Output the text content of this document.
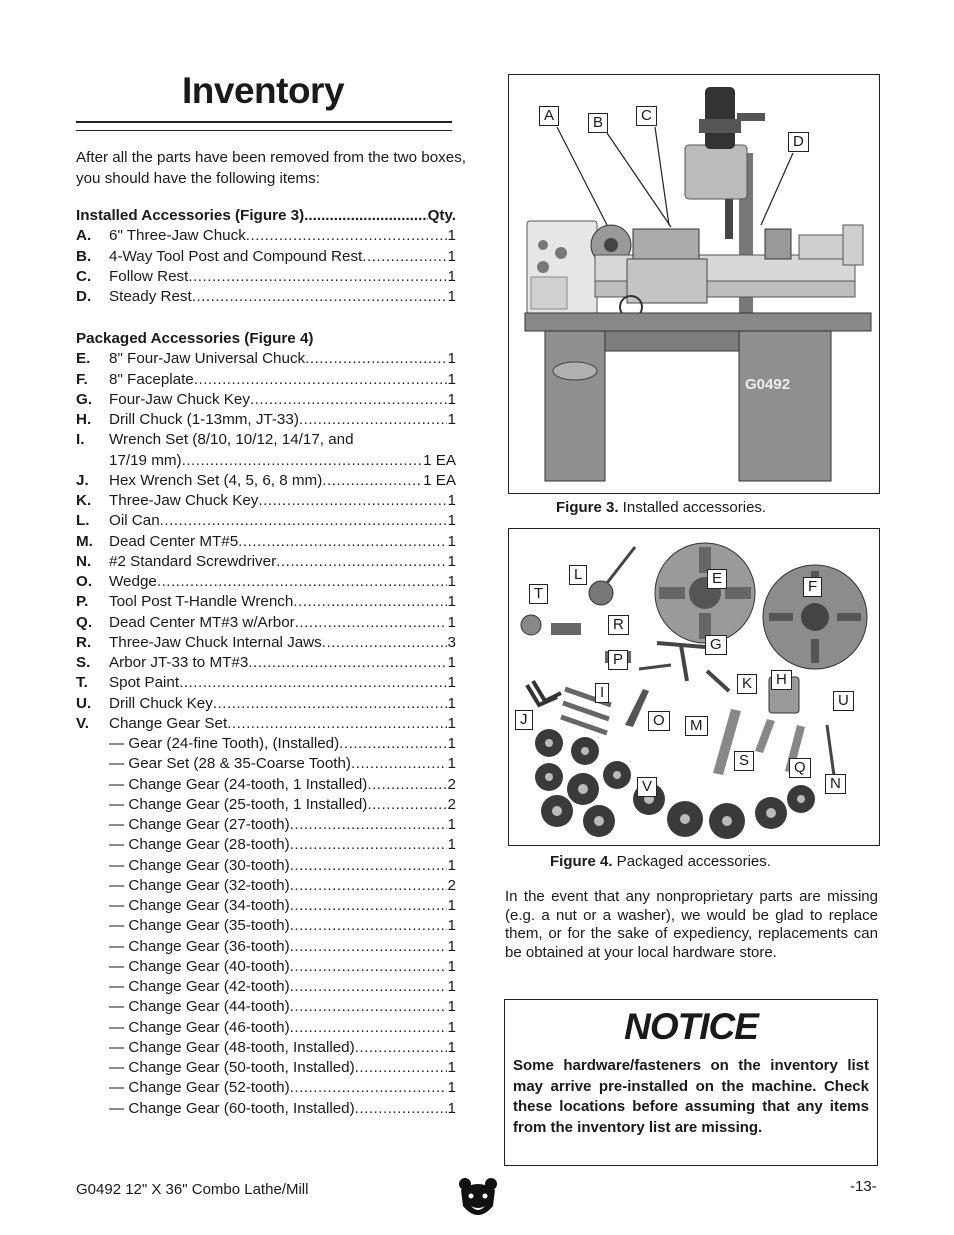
Inventory
After all the parts have been removed from the two boxes, you should have the following items:
Installed Accessories (Figure 3) .....	Qty.
A. 6" Three-Jaw Chuck .....	1
B. 4-Way Tool Post and Compound Rest .....	1
C. Follow Rest .....	1
D. Steady Rest .....	1
Packaged Accessories (Figure 4)
E. 8" Four-Jaw Universal Chuck .....	1
F. 8" Faceplate .....	1
G. Four-Jaw Chuck Key .....	1
H. Drill Chuck (1-13mm, JT-33) .....	1
I. Wrench Set (8/10, 10/12, 14/17, and
17/19 mm) .....	1 EA
J. Hex Wrench Set (4, 5, 6, 8 mm) .....	1 EA
K. Three-Jaw Chuck Key .....	1
L. Oil Can .....	1
M. Dead Center MT#5 .....	1
N. #2 Standard Screwdriver .....	1
O. Wedge .....	1
P. Tool Post T-Handle Wrench .....	1
Q. Dead Center MT#3 w/Arbor .....	1
R. Three-Jaw Chuck Internal Jaws .....	3
S. Arbor JT-33 to MT#3 .....	1
T. Spot Paint .....	1
U. Drill Chuck Key .....	1
V. Change Gear Set .....	1
— Gear (24-fine Tooth), (Installed) .....	1
— Gear Set (28 & 35-Coarse Tooth) .....	1
— Change Gear (24-tooth, 1 Installed) .....	2
— Change Gear (25-tooth, 1 Installed) .....	2
— Change Gear (27-tooth) .....	1
— Change Gear (28-tooth) .....	1
— Change Gear (30-tooth) .....	1
— Change Gear (32-tooth) .....	2
— Change Gear (34-tooth) .....	1
— Change Gear (35-tooth) .....	1
— Change Gear (36-tooth) .....	1
— Change Gear (40-tooth) .....	1
— Change Gear (42-tooth) .....	1
— Change Gear (44-tooth) .....	1
— Change Gear (46-tooth) .....	1
— Change Gear (48-tooth, Installed) .....	1
— Change Gear (50-tooth, Installed) .....	1
— Change Gear (52-tooth) .....	1
— Change Gear (60-tooth, Installed) .....	1
G0492
A	B	C
D
Figure 3. Installed accessories.
L	E	F
T
R
G
P
K	H
I	U
J	O	M
S	Q
V	N
Figure 4. Packaged accessories.
In the event that any nonproprietary parts are missing (e.g. a nut or a washer), we would be glad to replace them, or for the sake of expediency, replacements can be obtained at your local hardware store.
NOTICE
Some hardware/fasteners on the inventory list may arrive pre-installed on the machine. Check these locations before assuming that any items from the inventory list are missing.
G0492 12" X 36" Combo Lathe/Mill	-13-
